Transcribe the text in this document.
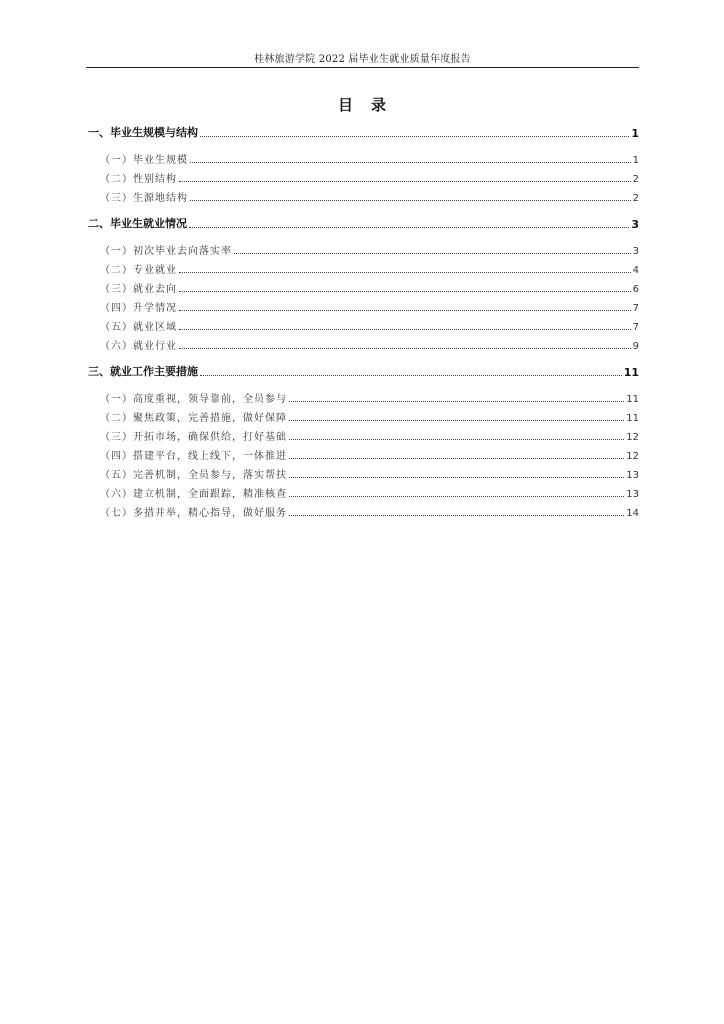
桂林旅游学院 2022 届毕业生就业质量年度报告
目录
一、毕业生规模与结构	1
（一）毕业生规模	1
（二）性别结构	2
（三）生源地结构	2
二、毕业生就业情况	3
（一）初次毕业去向落实率	3
（二）专业就业	4
（三）就业去向	6
（四）升学情况	7
（五）就业区域	7
（六）就业行业	9
三、就业工作主要措施	11
（一）高度重视，领导靠前，全员参与	11
（二）聚焦政策，完善措施，做好保障	11
（三）开拓市场，确保供给，打好基础	12
（四）搭建平台，线上线下，一体推进	12
（五）完善机制，全员参与，落实帮扶	13
（六）建立机制，全面跟踪，精准核查	13
（七）多措并举，精心指导，做好服务	14
